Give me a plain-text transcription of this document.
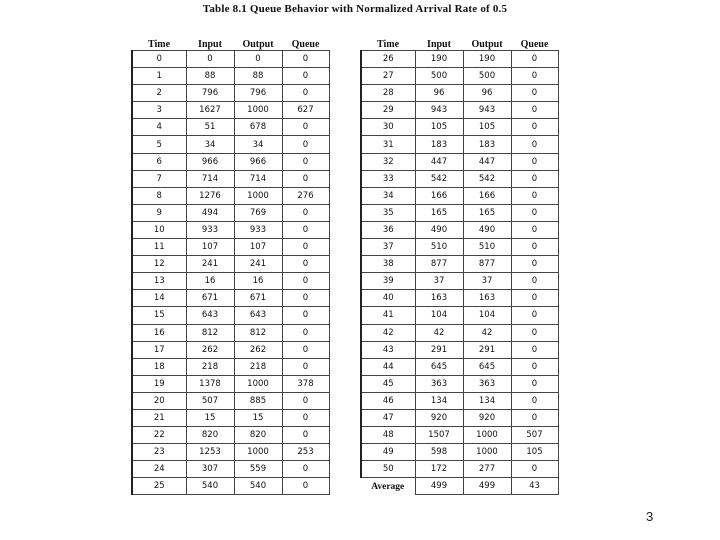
Table 8.1 Queue Behavior with Normalized Arrival Rate of 0.5
Time	Input	Output	Queue
0	0	0	0
1	88	88	0
2	796	796	0
3	1627	1000	627
4	51	678	0
5	34	34	0
6	966	966	0
7	714	714	0
8	1276	1000	276
9	494	769	0
10	933	933	0
11	107	107	0
12	241	241	0
13	16	16	0
14	671	671	0
15	643	643	0
16	812	812	0
17	262	262	0
18	218	218	0
19	1378	1000	378
20	507	885	0
21	15	15	0
22	820	820	0
23	1253	1000	253
24	307	559	0
25	540	540	0
Time	Input	Output	Queue
26	190	190	0
27	500	500	0
28	96	96	0
29	943	943	0
30	105	105	0
31	183	183	0
32	447	447	0
33	542	542	0
34	166	166	0
35	165	165	0
36	490	490	0
37	510	510	0
38	877	877	0
39	37	37	0
40	163	163	0
41	104	104	0
42	42	42	0
43	291	291	0
44	645	645	0
45	363	363	0
46	134	134	0
47	920	920	0
48	1507	1000	507
49	598	1000	105
50	172	277	0
Average	499	499	43
3
